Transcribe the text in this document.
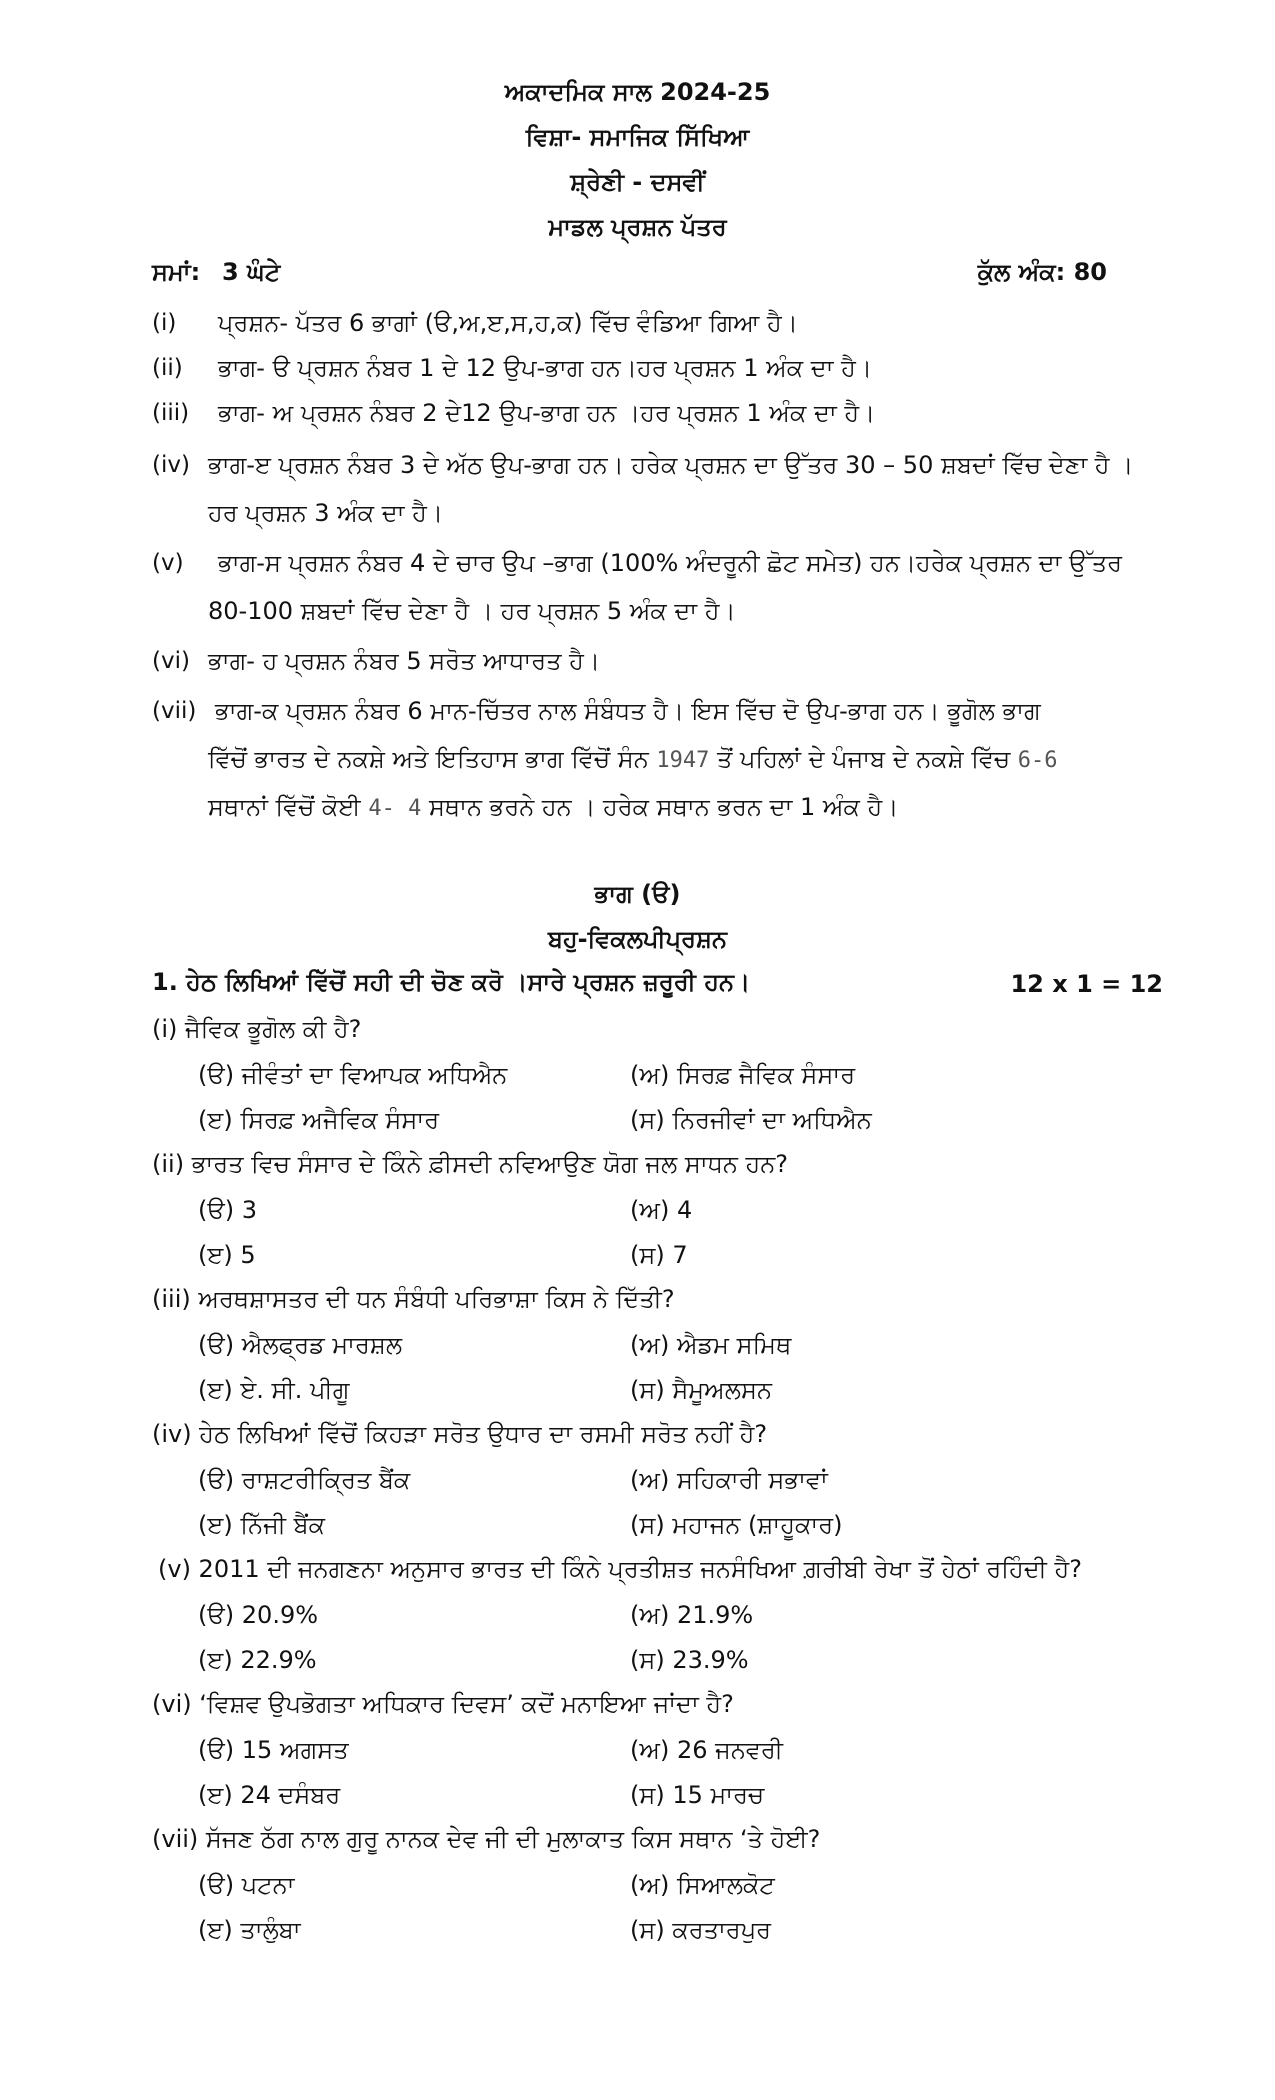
ਅਕਾਦਮਿਕ ਸਾਲ 2024-25
ਵਿਸ਼ਾ- ਸਮਾਜਿਕ ਸਿੱਖਿਆ
ਸ਼੍ਰੇਣੀ - ਦਸਵੀਂ
ਮਾਡਲ ਪ੍ਰਸ਼ਨ ਪੱਤਰ
ਸਮਾਂ: 3 ਘੰਟੇ	ਕੁੱਲ ਅੰਕ: 80
(i) ਪ੍ਰਸ਼ਨ- ਪੱਤਰ 6 ਭਾਗਾਂ (ੳ,ਅ,ੲ,ਸ,ਹ,ਕ) ਵਿੱਚ ਵੰਡਿਆ ਗਿਆ ਹੈ।
(ii) ਭਾਗ- ੳ ਪ੍ਰਸ਼ਨ ਨੰਬਰ 1 ਦੇ 12 ਉਪ-ਭਾਗ ਹਨ।ਹਰ ਪ੍ਰਸ਼ਨ 1 ਅੰਕ ਦਾ ਹੈ।
(iii) ਭਾਗ- ਅ ਪ੍ਰਸ਼ਨ ਨੰਬਰ 2 ਦੇ12 ਉਪ-ਭਾਗ ਹਨ ।ਹਰ ਪ੍ਰਸ਼ਨ 1 ਅੰਕ ਦਾ ਹੈ।
(iv) ਭਾਗ-ੲ ਪ੍ਰਸ਼ਨ ਨੰਬਰ 3 ਦੇ ਅੱਠ ਉਪ-ਭਾਗ ਹਨ। ਹਰੇਕ ਪ੍ਰਸ਼ਨ ਦਾ ਉੱਤਰ 30 – 50 ਸ਼ਬਦਾਂ ਵਿੱਚ ਦੇਣਾ ਹੈ ।
ਹਰ ਪ੍ਰਸ਼ਨ 3 ਅੰਕ ਦਾ ਹੈ।
(v) ਭਾਗ-ਸ ਪ੍ਰਸ਼ਨ ਨੰਬਰ 4 ਦੇ ਚਾਰ ਉਪ –ਭਾਗ (100% ਅੰਦਰੂਨੀ ਛੋਟ ਸਮੇਤ) ਹਨ।ਹਰੇਕ ਪ੍ਰਸ਼ਨ ਦਾ ਉੱਤਰ
80-100 ਸ਼ਬਦਾਂ ਵਿੱਚ ਦੇਣਾ ਹੈ । ਹਰ ਪ੍ਰਸ਼ਨ 5 ਅੰਕ ਦਾ ਹੈ।
(vi) ਭਾਗ- ਹ ਪ੍ਰਸ਼ਨ ਨੰਬਰ 5 ਸਰੋਤ ਆਧਾਰਤ ਹੈ।
(vii) ਭਾਗ-ਕ ਪ੍ਰਸ਼ਨ ਨੰਬਰ 6 ਮਾਨ-ਚਿੱਤਰ ਨਾਲ ਸੰਬੰਧਤ ਹੈ। ਇਸ ਵਿੱਚ ਦੋ ਉਪ-ਭਾਗ ਹਨ। ਭੂਗੋਲ ਭਾਗ
ਵਿੱਚੋਂ ਭਾਰਤ ਦੇ ਨਕਸ਼ੇ ਅਤੇ ਇਤਿਹਾਸ ਭਾਗ ਵਿੱਚੋਂ ਸੰਨ 1947 ਤੋਂ ਪਹਿਲਾਂ ਦੇ ਪੰਜਾਬ ਦੇ ਨਕਸ਼ੇ ਵਿੱਚ 6-6
ਸਥਾਨਾਂ ਵਿੱਚੋਂ ਕੋਈ 4- 4 ਸਥਾਨ ਭਰਨੇ ਹਨ । ਹਰੇਕ ਸਥਾਨ ਭਰਨ ਦਾ 1 ਅੰਕ ਹੈ।
ਭਾਗ (ੳ)
ਬਹੁ-ਵਿਕਲਪੀਪ੍ਰਸ਼ਨ
1. ਹੇਠ ਲਿਖਿਆਂ ਵਿੱਚੋਂ ਸਹੀ ਦੀ ਚੋਣ ਕਰੋ ।ਸਾਰੇ ਪ੍ਰਸ਼ਨ ਜ਼ਰੂਰੀ ਹਨ।	12 x 1 = 12
(i) ਜੈਵਿਕ ਭੂਗੋਲ ਕੀ ਹੈ?
(ੳ) ਜੀਵੰਤਾਂ ਦਾ ਵਿਆਪਕ ਅਧਿਐਨ	(ਅ) ਸਿਰਫ਼ ਜੈਵਿਕ ਸੰਸਾਰ
(ੲ) ਸਿਰਫ਼ ਅਜੈਵਿਕ ਸੰਸਾਰ	(ਸ) ਨਿਰਜੀਵਾਂ ਦਾ ਅਧਿਐਨ
(ii) ਭਾਰਤ ਵਿਚ ਸੰਸਾਰ ਦੇ ਕਿੰਨੇ ਫ਼ੀਸਦੀ ਨਵਿਆਉਣ ਯੋਗ ਜਲ ਸਾਧਨ ਹਨ?
(ੳ) 3	(ਅ) 4
(ੲ) 5	(ਸ) 7
(iii) ਅਰਥਸ਼ਾਸਤਰ ਦੀ ਧਨ ਸੰਬੰਧੀ ਪਰਿਭਾਸ਼ਾ ਕਿਸ ਨੇ ਦਿੱਤੀ?
(ੳ) ਐਲਫ੍ਰਡ ਮਾਰਸ਼ਲ	(ਅ) ਐਡਮ ਸਮਿਥ
(ੲ) ਏ. ਸੀ. ਪੀਗੂ	(ਸ) ਸੈਮੂਅਲਸਨ
(iv) ਹੇਠ ਲਿਖਿਆਂ ਵਿੱਚੋਂ ਕਿਹੜਾ ਸਰੋਤ ਉਧਾਰ ਦਾ ਰਸਮੀ ਸਰੋਤ ਨਹੀਂ ਹੈ?
(ੳ) ਰਾਸ਼ਟਰੀਕ੍ਰਿਤ ਬੈਂਕ	(ਅ) ਸਹਿਕਾਰੀ ਸਭਾਵਾਂ
(ੲ) ਨਿੱਜੀ ਬੈਂਕ	(ਸ) ਮਹਾਜਨ (ਸ਼ਾਹੂਕਾਰ)
(v) 2011 ਦੀ ਜਨਗਣਨਾ ਅਨੁਸਾਰ ਭਾਰਤ ਦੀ ਕਿੰਨੇ ਪ੍ਰਤੀਸ਼ਤ ਜਨਸੰਖਿਆ ਗ਼ਰੀਬੀ ਰੇਖਾ ਤੋਂ ਹੇਠਾਂ ਰਹਿੰਦੀ ਹੈ?
(ੳ) 20.9%	(ਅ) 21.9%
(ੲ) 22.9%	(ਸ) 23.9%
(vi) ‘ਵਿਸ਼ਵ ਉਪਭੋਗਤਾ ਅਧਿਕਾਰ ਦਿਵਸ’ ਕਦੋਂ ਮਨਾਇਆ ਜਾਂਦਾ ਹੈ?
(ੳ) 15 ਅਗਸਤ	(ਅ) 26 ਜਨਵਰੀ
(ੲ) 24 ਦਸੰਬਰ	(ਸ) 15 ਮਾਰਚ
(vii) ਸੱਜਣ ਠੱਗ ਨਾਲ ਗੁਰੂ ਨਾਨਕ ਦੇਵ ਜੀ ਦੀ ਮੁਲਾਕਾਤ ਕਿਸ ਸਥਾਨ ‘ਤੇ ਹੋਈ?
(ੳ) ਪਟਨਾ	(ਅ) ਸਿਆਲਕੋਟ
(ੲ) ਤਾਲੁੰਬਾ	(ਸ) ਕਰਤਾਰਪੁਰ
